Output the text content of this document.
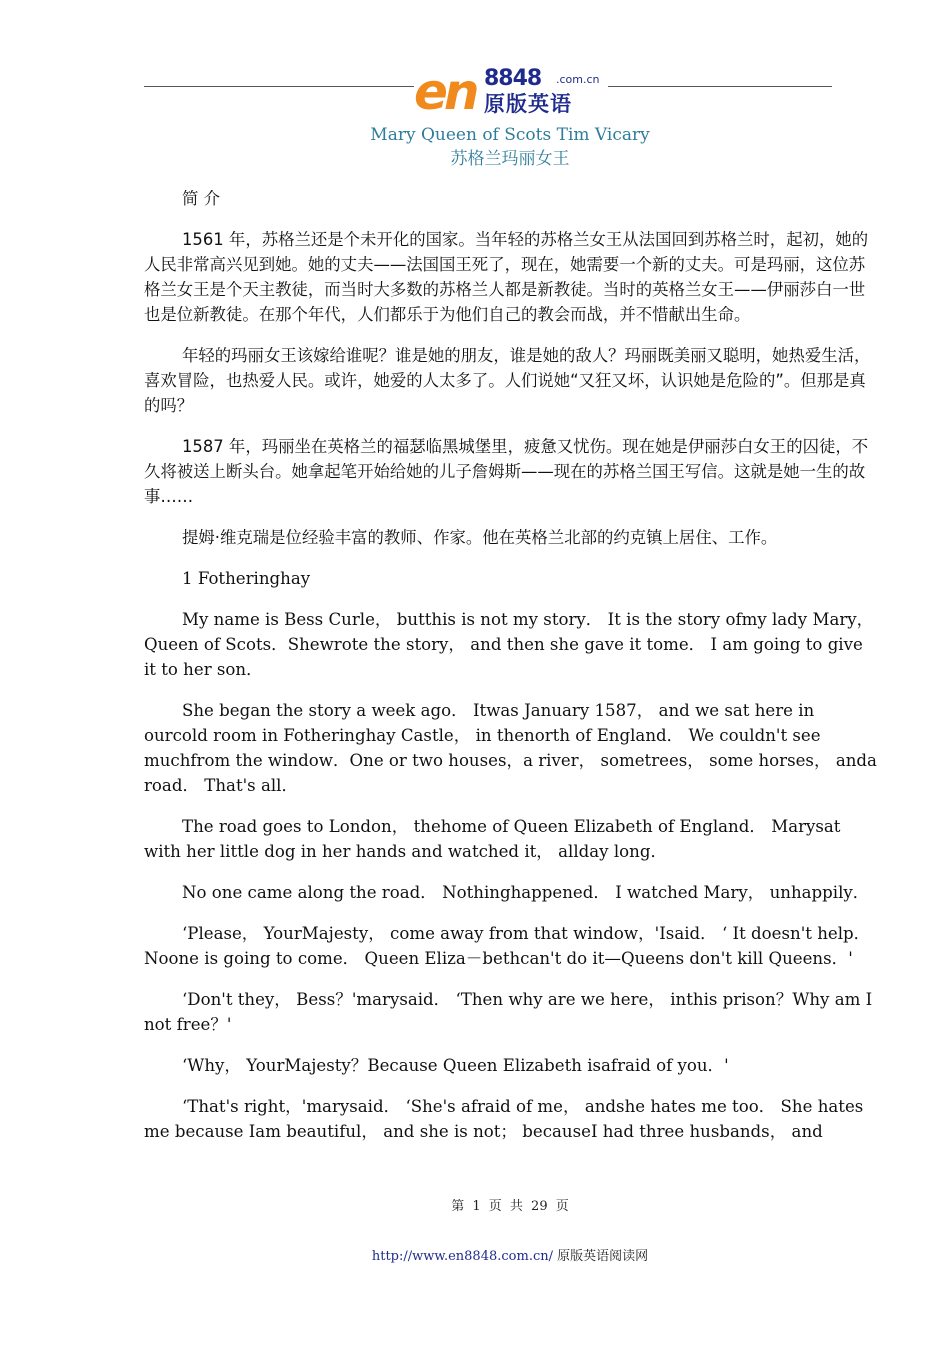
en 8848 .com.cn
原版英语
Mary Queen of Scots Tim Vicary
苏格兰玛丽女王

简 介

1561 年，苏格兰还是个未开化的国家。当年轻的苏格兰女王从法国回到苏格兰时，起初，她的人民非常高兴见到她。她的丈夫——法国国王死了，现在，她需要一个新的丈夫。可是玛丽，这位苏格兰女王是个天主教徒，而当时大多数的苏格兰人都是新教徒。当时的英格兰女王——伊丽莎白一世也是位新教徒。在那个年代，人们都乐于为他们自己的教会而战，并不惜献出生命。

年轻的玛丽女王该嫁给谁呢？谁是她的朋友，谁是她的敌人？玛丽既美丽又聪明，她热爱生活，喜欢冒险，也热爱人民。或许，她爱的人太多了。人们说她“又狂又坏，认识她是危险的”。但那是真的吗？

1587 年，玛丽坐在英格兰的福瑟临黑城堡里，疲惫又忧伤。现在她是伊丽莎白女王的囚徒，不久将被送上断头台。她拿起笔开始给她的儿子詹姆斯——现在的苏格兰国王写信。这就是她一生的故事……

提姆·维克瑞是位经验丰富的教师、作家。他在英格兰北部的约克镇上居住、工作。

1 Fotheringhay

My name is Bess Curle， butthis is not my story． It is the story ofmy lady Mary， Queen of Scots．Shewrote the story， and then she gave it tome． I am going to give it to her son．

She began the story a week ago． Itwas January 1587， and we sat here in ourcold room in Fotheringhay Castle， in thenorth of England． We couldn't see muchfrom the window．One or two houses，a river， sometrees， some horses， anda road． That's all．

The road goes to London， thehome of Queen Elizabeth of England． Marysat with her little dog in her hands and watched it， allday long．

No one came along the road． Nothinghappened． I watched Mary， unhappily．

‘Please， YourMajesty， come away from that window，'Isaid． ‘ It doesn't help． Noone is going to come． Queen Eliza－bethcan't do it—Queens don't kill Queens．'

‘Don't they， Bess？'marysaid． ‘Then why are we here， inthis prison？Why am I not free？'

‘Why， YourMajesty？Because Queen Elizabeth isafraid of you．'

‘That's right，'marysaid． ‘She's afraid of me， andshe hates me too． She hates me because Iam beautiful， and she is not； becauseI had three husbands， and

第 1 页 共 29 页
http://www.en8848.com.cn/ 原版英语阅读网
